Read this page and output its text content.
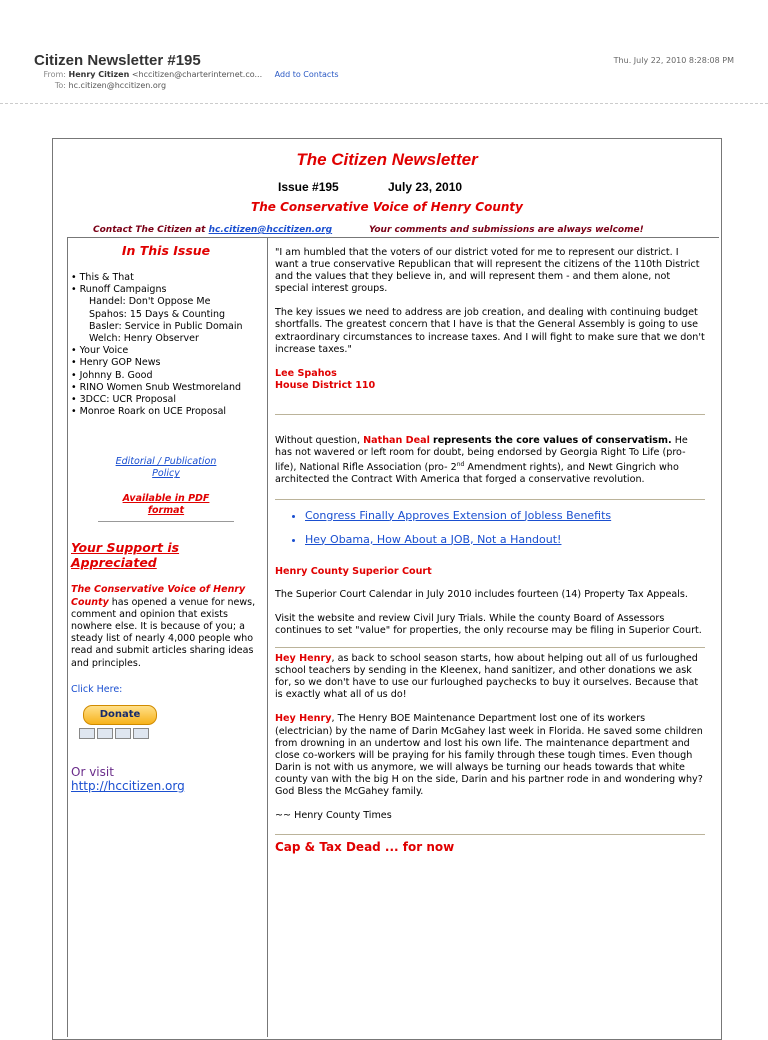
Citizen Newsletter #195	Thu. July 22, 2010 8:28:08 PM
From: Henry Citizen <hccitizen@charterinternet.co... Add to Contacts
To: hc.citizen@hccitizen.org
The Citizen Newsletter
Issue #195	July 23, 2010
The Conservative Voice of Henry County
Contact The Citizen at hc.citizen@hccitizen.org	Your comments and submissions are always welcome!
In This Issue
• This & That
• Runoff Campaigns
Handel: Don't Oppose Me
Spahos: 15 Days & Counting
Basler: Service in Public Domain
Welch: Henry Observer
• Your Voice
• Henry GOP News
• Johnny B. Good
• RINO Women Snub Westmoreland
• 3DCC: UCR Proposal
• Monroe Roark on UCE Proposal
Editorial / Publication
Policy
Available in PDF
format
Your Support is
Appreciated
The Conservative Voice of Henry County has opened a venue for news, comment and opinion that exists nowhere else. It is because of you; a steady list of nearly 4,000 people who read and submit articles sharing ideas and principles.
Click Here:
Donate
Or visit
http://hccitizen.org

"I am humbled that the voters of our district voted for me to represent our district. I want a true conservative Republican that will represent the citizens of the 110th District and the values that they believe in, and will represent them - and them alone, not special interest groups.

The key issues we need to address are job creation, and dealing with continuing budget shortfalls. The greatest concern that I have is that the General Assembly is going to use extraordinary circumstances to increase taxes. And I will fight to make sure that we don't increase taxes."

Lee Spahos

House District 110

Without question, Nathan Deal represents the core values of conservatism. He has not wavered or left room for doubt, being endorsed by Georgia Right To Life (pro-life), National Rifle Association (pro- 2nd Amendment rights), and Newt Gingrich who architected the Contract With America that forged a conservative revolution.

• Congress Finally Approves Extension of Jobless Benefits
• Hey Obama, How About a JOB, Not a Handout!

Henry County Superior Court

The Superior Court Calendar in July 2010 includes fourteen (14) Property Tax Appeals.

Visit the website and review Civil Jury Trials. While the county Board of Assessors continues to set "value" for properties, the only recourse may be filing in Superior Court.

Hey Henry, as back to school season starts, how about helping out all of us furloughed school teachers by sending in the Kleenex, hand sanitizer, and other donations we ask for, so we don't have to use our furloughed paychecks to buy it ourselves. Because that is exactly what all of us do!

Hey Henry, The Henry BOE Maintenance Department lost one of its workers (electrician) by the name of Darin McGahey last week in Florida. He saved some children from drowning in an undertow and lost his own life. The maintenance department and close co-workers will be praying for his family through these tough times. Even though Darin is not with us anymore, we will always be turning our heads towards that white county van with the big H on the side, Darin and his partner rode in and wondering why? God Bless the McGahey family.

~~ Henry County Times

Cap & Tax Dead ... for now
